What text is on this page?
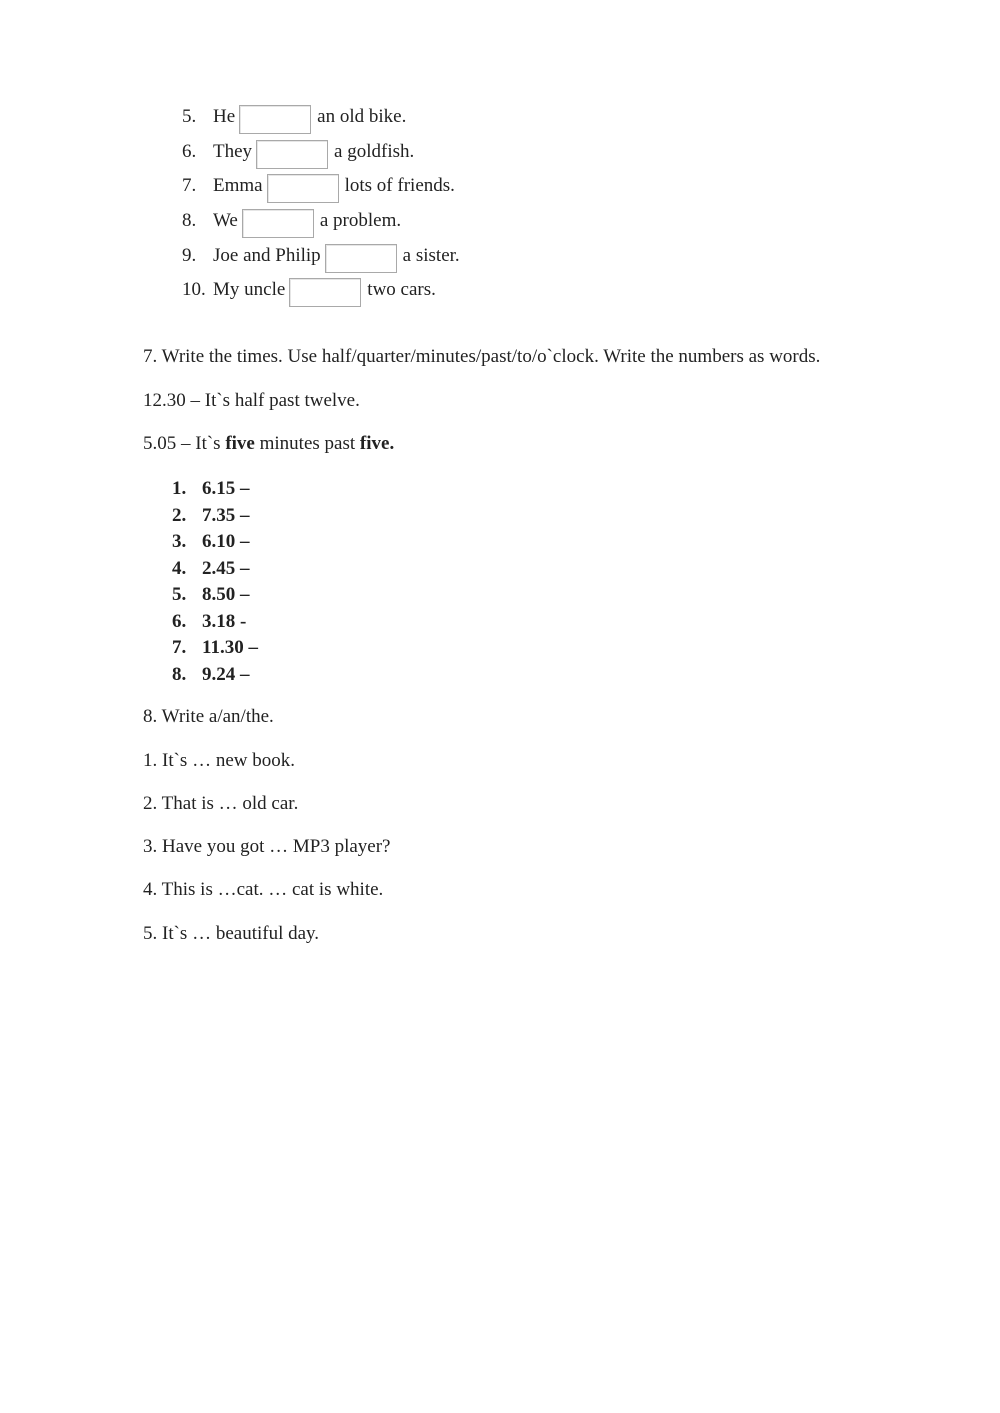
5. He	an old bike.
6. They	a goldfish.
7. Emma	lots of friends.
8. We	a problem.
9. Joe and Philip	a sister.
10. My uncle	two cars.
7. Write the times. Use half/quarter/minutes/past/to/o`clock. Write the numbers as words.
12.30 – It`s half past twelve.
5.05 – It`s five minutes past five.
1. 6.15 –
2. 7.35 –
3. 6.10 –
4. 2.45 –
5. 8.50 –
6. 3.18 -
7. 11.30 –
8. 9.24 –
8. Write a/an/the.
1. It`s … new book.
2. That is … old car.
3. Have you got … MP3 player?
4. This is …cat. … cat is white.
5. It`s … beautiful day.
